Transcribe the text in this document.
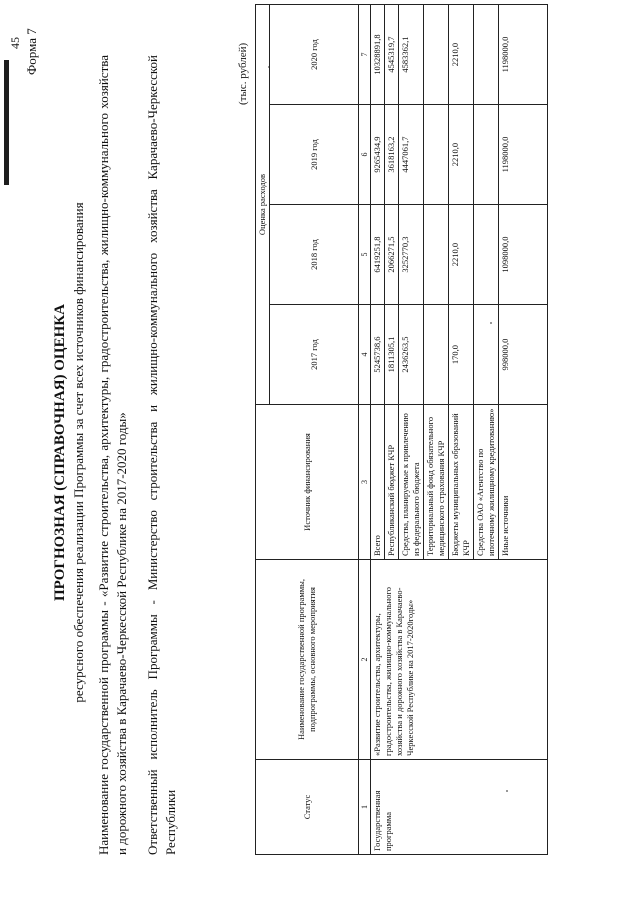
45 Форма 7
ПРОГНОЗНАЯ (СПРАВОЧНАЯ) ОЦЕНКА ресурсного обеспечения реализации Программы за счет всех источников финансирования Наименование государственной программы - «Развитие строительства, архитектуры, градостроительства, жилищно-коммунального хозяйства и дорожного хозяйства в Карачаево-Черкесской Республике на 2017-2020 годы» Ответственный исполнитель Программы - Министерство строительства и жилищно-коммунального хозяйства Карачаево-Черкесской Республики
(тыс. рублей)
Статус	Наименование государственной программы, подпрограммы, основного мероприятия	Источник финансирования	Оценка расходов			
			2017 год	2018 год	2019 год	2020 год
1	2	3	4	5	6	7
Государственная программа	«Развитие строительства, архитектуры, градостроительства, жилищно-коммунального хозяйства и дорожного хозяйства в Карачаево-Черкесской Республике на 2017-2020годы»	Всего	5245738,6	6419251,8	9265434,9	10328891,8
		Республиканский бюджет КЧР	1811305,1	2066271,5	3618163,2	4545319,7
		Средства, планируемые к привлечению из федерального бюджета	2436263,5	3252770,3	4447061,7	4583362,1
		Территориальный фонд обязательного медицинского страхования КЧР				
		Бюджеты муниципальных образований КЧР	170,0	2210,0	2210,0	2210,0
		Средства ОАО «Агентство по ипотечному жилищному кредитованию»				
		Иные источники	998000,0	1098000,0	1198000,0	1198000,0
